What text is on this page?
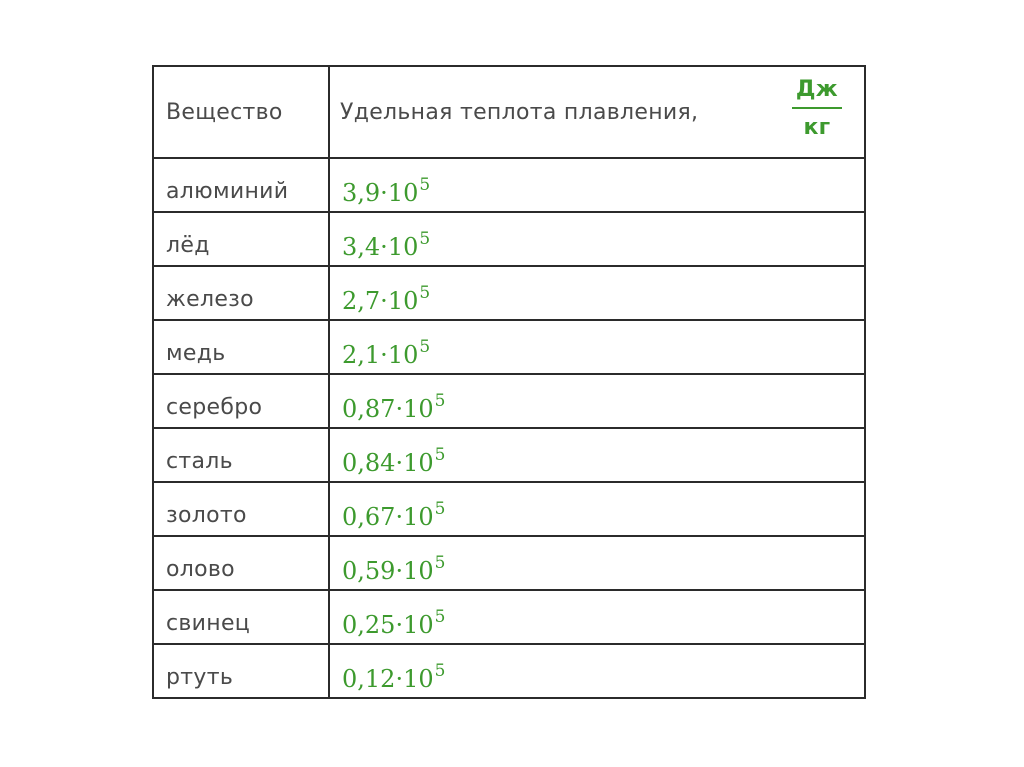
Вещество	Удельная теплота плавления,
Дж
кг

алюминий	$3,9\cdot 10^5$
лёд	$3,4\cdot 10^5$
железо	$2,7\cdot 10^5$
медь	$2,1\cdot 10^5$
серебро	$0,87\cdot 10^5$
сталь	$0,84\cdot 10^5$
золото	$0,67\cdot 10^5$
олово	$0,59\cdot 10^5$
свинец	$0,25\cdot 10^5$
ртуть	$0,12\cdot 10^5$
